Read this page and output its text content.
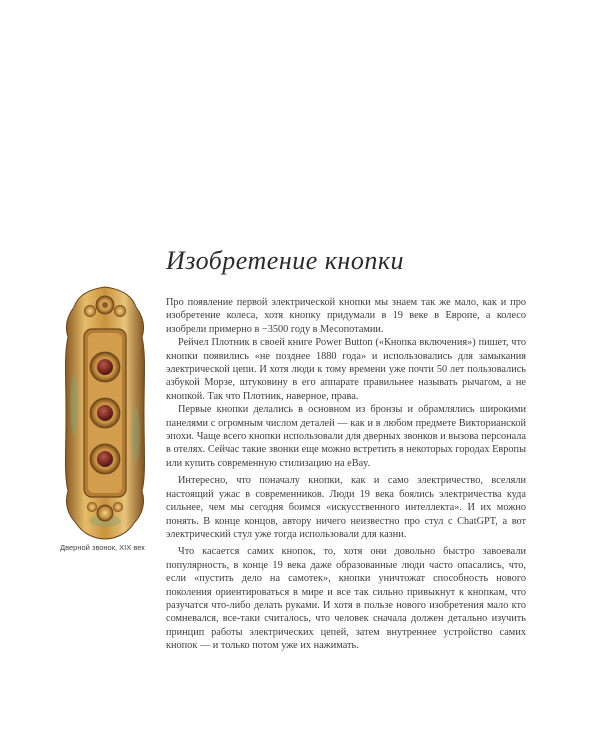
Изобретение кнопки
Дверной звонок, XIX век

Про появление первой электрической кнопки мы знаем так же мало, как и про изобретение колеса, хотя кнопку придумали в 19 веке в Европе, а колесо изобрели примерно в −3500 году в Месопотамии.

Рейчел Плотник в своей книге Power Button («Кнопка включения») пишет, что кнопки появились «не позднее 1880 года» и использовались для замыкания электрической цепи. И хотя люди к тому времени уже почти 50 лет пользовались азбукой Морзе, штуковину в его аппарате правильнее называть рычагом, а не кнопкой. Так что Плотник, наверное, права.

Первые кнопки делались в основном из бронзы и обрамлялись широкими панелями с огромным числом деталей — как и в любом предмете Викторианской эпохи. Чаще всего кнопки использовали для дверных звонков и вызова персонала в отелях. Сейчас такие звонки еще можно встретить в некоторых городах Европы или купить современную стилизацию на eBay.

Интересно, что поначалу кнопки, как и само электричество, вселяли настоящий ужас в современников. Люди 19 века боялись электричества куда сильнее, чем мы сегодня боимся «искусственного интеллекта». И их можно понять. В конце концов, автору ничего неизвестно про стул с ChatGPT, а вот электрический стул уже тогда использовали для казни.

Что касается самих кнопок, то, хотя они довольно быстро завоевали популярность, в конце 19 века даже образованные люди часто опасались, что, если «пустить дело на самотек», кнопки уничтожат способность нового поколения ориентироваться в мире и все так сильно привыкнут к кнопкам, что разучатся что-либо делать руками. И хотя в пользе нового изобретения мало кто сомневался, все-таки считалось, что человек сначала должен детально изучить принцип работы электрических цепей, затем внутреннее устройство самих кнопок — и только потом уже их нажимать.
